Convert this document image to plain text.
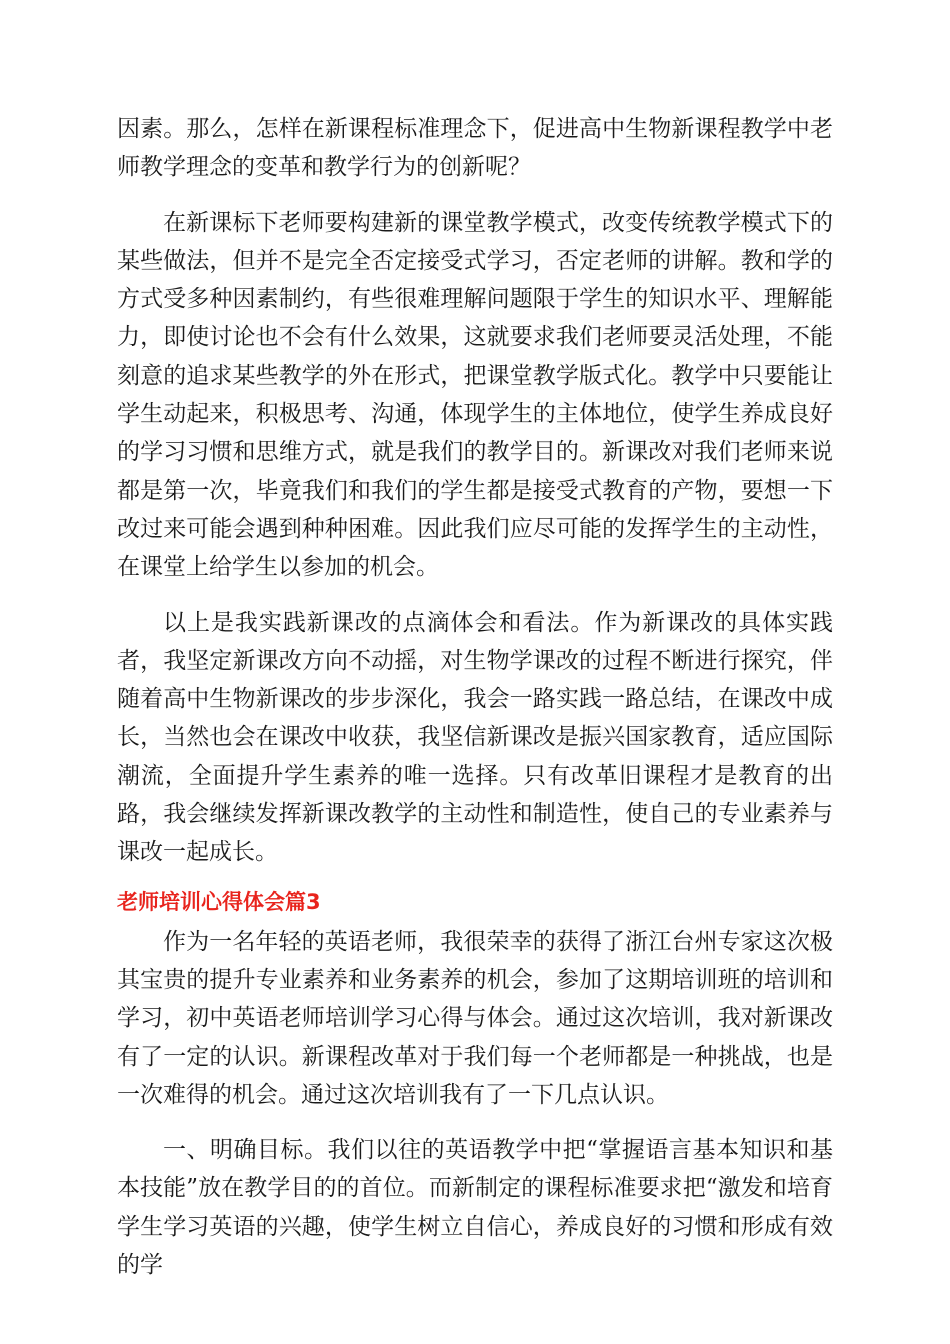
因素。那么，怎样在新课程标准理念下，促进高中生物新课程教学中老师教学理念的变革和教学行为的创新呢？

在新课标下老师要构建新的课堂教学模式，改变传统教学模式下的某些做法，但并不是完全否定接受式学习，否定老师的讲解。教和学的方式受多种因素制约，有些很难理解问题限于学生的知识水平、理解能力，即使讨论也不会有什么效果，这就要求我们老师要灵活处理，不能刻意的追求某些教学的外在形式，把课堂教学版式化。教学中只要能让学生动起来，积极思考、沟通，体现学生的主体地位，使学生养成良好的学习习惯和思维方式，就是我们的教学目的。新课改对我们老师来说都是第一次，毕竟我们和我们的学生都是接受式教育的产物，要想一下改过来可能会遇到种种困难。因此我们应尽可能的发挥学生的主动性，在课堂上给学生以参加的机会。

以上是我实践新课改的点滴体会和看法。作为新课改的具体实践者，我坚定新课改方向不动摇，对生物学课改的过程不断进行探究，伴随着高中生物新课改的步步深化，我会一路实践一路总结，在课改中成长，当然也会在课改中收获，我坚信新课改是振兴国家教育，适应国际潮流，全面提升学生素养的唯一选择。只有改革旧课程才是教育的出路，我会继续发挥新课改教学的主动性和制造性，使自己的专业素养与课改一起成长。

老师培训心得体会篇3

作为一名年轻的英语老师，我很荣幸的获得了浙江台州专家这次极其宝贵的提升专业素养和业务素养的机会，参加了这期培训班的培训和学习，初中英语老师培训学习心得与体会。通过这次培训，我对新课改有了一定的认识。新课程改革对于我们每一个老师都是一种挑战，也是一次难得的机会。通过这次培训我有了一下几点认识。

一、明确目标。我们以往的英语教学中把“掌握语言基本知识和基本技能”放在教学目的的首位。而新制定的课程标准要求把“激发和培育学生学习英语的兴趣，使学生树立自信心，养成良好的习惯和形成有效的学
